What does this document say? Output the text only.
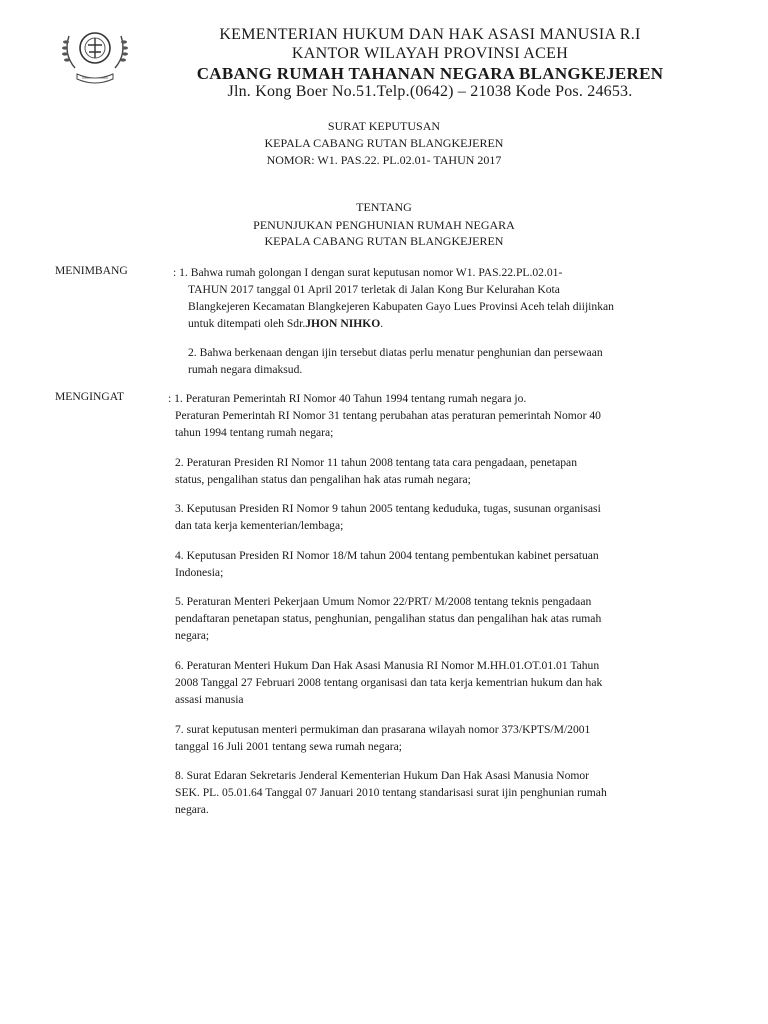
KEMENTERIAN HUKUM DAN HAK ASASI MANUSIA R.I
KANTOR WILAYAH PROVINSI ACEH
CABANG RUMAH TAHANAN NEGARA BLANGKEJEREN
Jln. Kong Boer No.51.Telp.(0642) – 21038 Kode Pos. 24653.
SURAT KEPUTUSAN
KEPALA CABANG RUTAN BLANGKEJEREN
NOMOR: W1. PAS.22. PL.02.01- TAHUN 2017
TENTANG
PENUNJUKAN PENGHUNIAN RUMAH NEGARA
KEPALA CABANG RUTAN BLANGKEJEREN
MENIMBANG	: 1. Bahwa rumah golongan I dengan surat keputusan nomor W1. PAS.22.PL.02.01-
TAHUN 2017 tanggal 01 April 2017 terletak di Jalan Kong Bur Kelurahan Kota
Blangkejeren Kecamatan Blangkejeren Kabupaten Gayo Lues Provinsi Aceh telah diijinkan
untuk ditempati oleh Sdr.JHON NIHKO.
2. Bahwa berkenaan dengan ijin tersebut diatas perlu menatur penghunian dan persewaan
rumah negara dimaksud.
MENGINGAT	: 1. Peraturan Pemerintah RI Nomor 40 Tahun 1994 tentang rumah negara jo.
Peraturan Pemerintah RI Nomor 31 tentang perubahan atas peraturan pemerintah Nomor 40
tahun 1994 tentang rumah negara;
2. Peraturan Presiden RI Nomor 11 tahun 2008 tentang tata cara pengadaan, penetapan
status, pengalihan status dan pengalihan hak atas rumah negara;
3. Keputusan Presiden RI Nomor 9 tahun 2005 tentang keduduka, tugas, susunan organisasi
dan tata kerja kementerian/lembaga;
4. Keputusan Presiden RI Nomor 18/M tahun 2004 tentang pembentukan kabinet persatuan
Indonesia;
5. Peraturan Menteri Pekerjaan Umum Nomor 22/PRT/ M/2008 tentang teknis pengadaan
pendaftaran penetapan status, penghunian, pengalihan status dan pengalihan hak atas rumah
negara;
6. Peraturan Menteri Hukum Dan Hak Asasi Manusia RI Nomor M.HH.01.OT.01.01 Tahun
2008 Tanggal 27 Februari 2008 tentang organisasi dan tata kerja kementrian hukum dan hak
assasi manusia
7. surat keputusan menteri permukiman dan prasarana wilayah nomor 373/KPTS/M/2001
tanggal 16 Juli 2001 tentang sewa rumah negara;
8. Surat Edaran Sekretaris Jenderal Kementerian Hukum Dan Hak Asasi Manusia Nomor
SEK. PL. 05.01.64 Tanggal 07 Januari 2010 tentang standarisasi surat ijin penghunian rumah
negara.
